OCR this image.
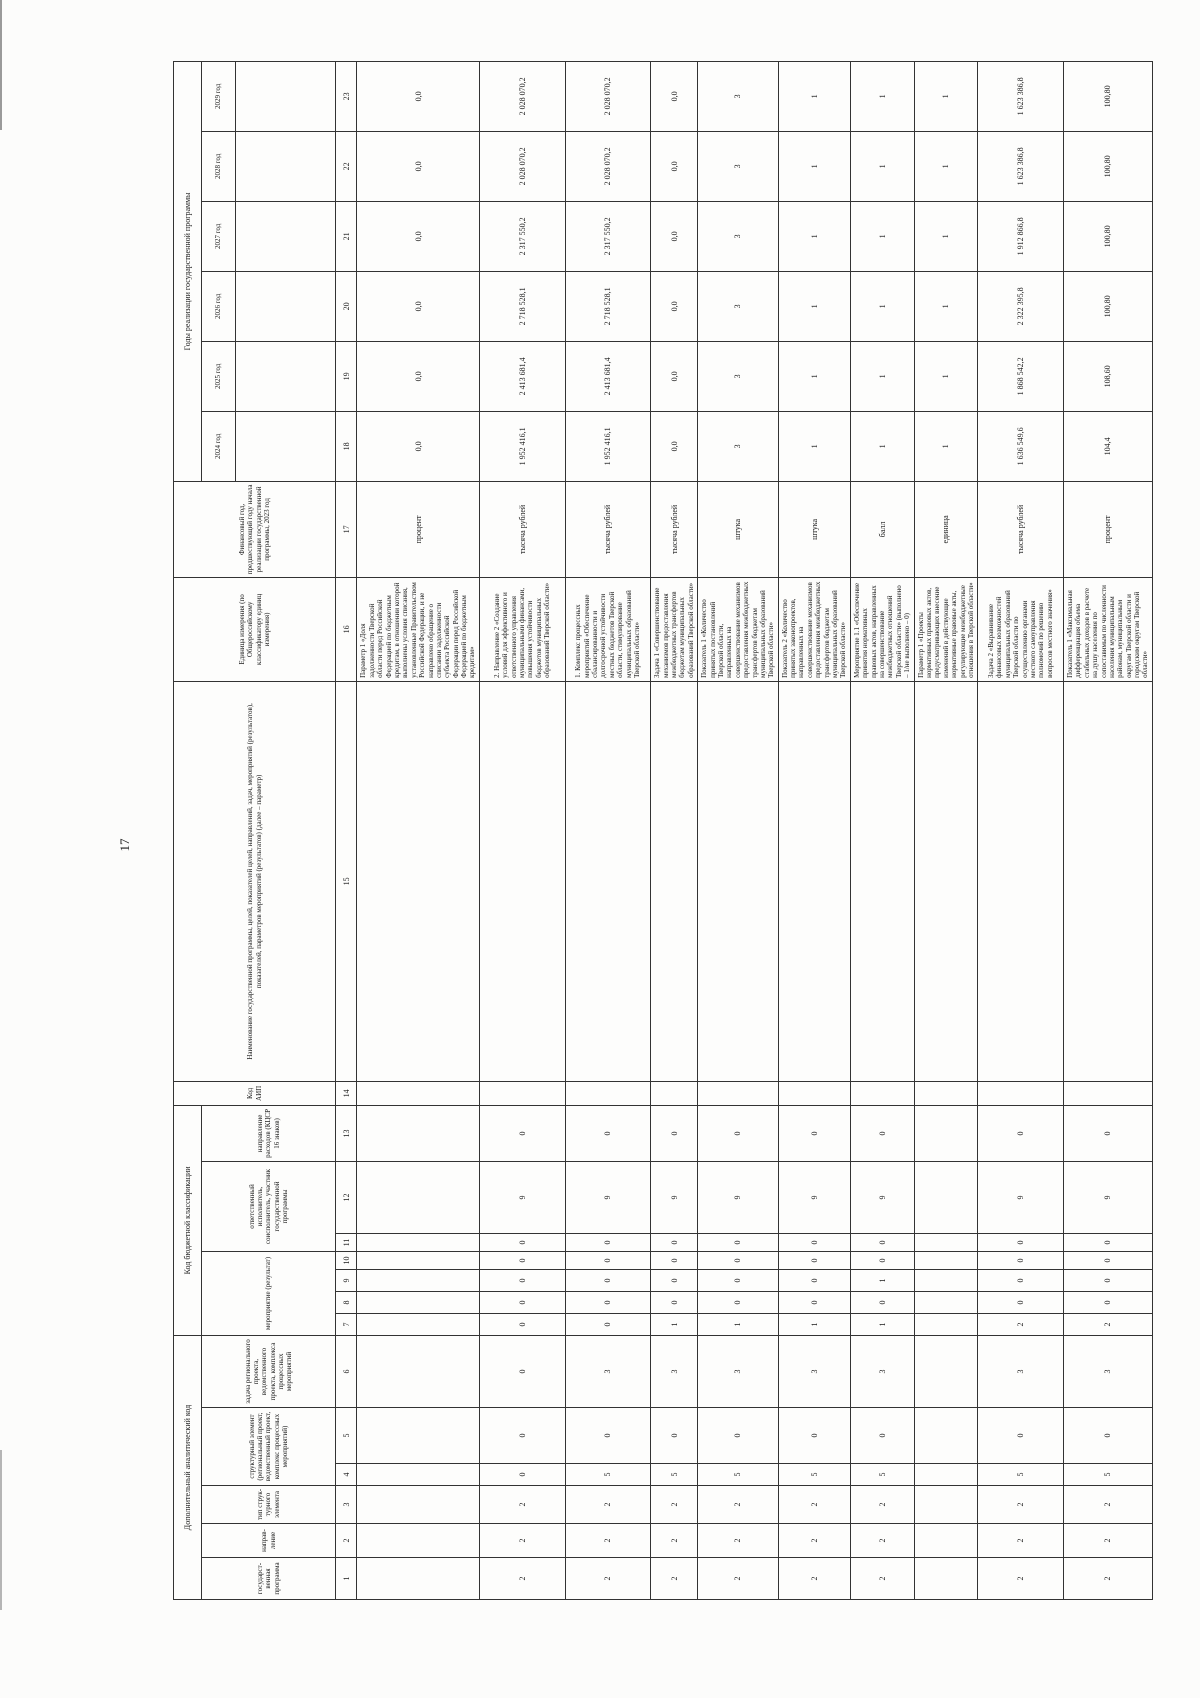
17
Дополнительный аналитический код						Код бюджетной классификации							Код АИП	Наименование государственной программы, целей, показателей целей, направлений, задач, мероприятий (результатов), показателей, параметров мероприятий (результатов) (далее – параметр)	Единица измерения (по Общероссийскому классификатору единиц измерения)	Финансовый год, предшествующий году начала реализации государственной программы, 2023 год	Годы реализации государственной программы						
государст-венная программа	направ-ление	тип струк-турного элемента	структурный элемент (региональный проект, ведомственный проект, комплекс процессных мероприятий)		задача регионального проекта, ведомственного проекта, комплекса процессных мероприятий	мероприятие (результат)				ответственный исполнитель, соисполнитель, участник государственной программы		направление расходов (КЦСР 16 знаков)					2024 год	2025 год	2026 год	2027 год	2028 год	2029 год	

1	2	3	4	5	6	7	8	9	10	11	12	13	14	15	16	17	18	19	20	21	22	23	
															Параметр 1 «Доля задолженности Тверской области перед Российской Федерацией по бюджетным кредитам, в отношении которой выполнены условия списания, установленные Правительством Российской Федерации, и не направлено обращение о списании задолженности субъекта Российской Федерации перед Российской Федерацией по бюджетным кредитам»	процент	0,0	0,0	0,0	0,0	0,0	0,0	
2	2	2	0	0	0	0	0	0	0	0	9	0			2. Направление 2 «Создание условий для эффективного и ответственного управления муниципальными финансами, повышения устойчивости бюджетов муниципальных образований Тверской области»	тысяча рублей	1 952 416,1	2 413 681,4	2 718 528,1	2 317 550,2	2 028 070,2	2 028 070,2	
2	2	2	5	0	3	0	0	0	0	0	9	0			1. Комплекс процессных мероприятий «Обеспечение сбалансированности и долгосрочной устойчивости местных бюджетов Тверской области, стимулирование муниципальных образований Тверской области»	тысяча рублей	1 952 416,1	2 413 681,4	2 718 528,1	2 317 550,2	2 028 070,2	2 028 070,2	
2	2	2	5	0	3	1	0	0	0	0	9	0			Задача 1 «Совершенствование механизмов предоставления межбюджетных трансфертов бюджетам муниципальных образований Тверской области»	тысяча рублей	0,0	0,0	0,0	0,0	0,0	0,0	
2	2	2	5	0	3	1	0	0	0	0	9	0			Показатель 1 «Количество принятых постановлений Тверской области, направленных на совершенствование механизмов предоставления межбюджетных трансфертов бюджетам муниципальных образований Тверской области»	штука	3	3	3	3	3	3	
2	2	2	5	0	3	1	0	0	0	0	9	0			Показатель 2 «Количество принятых законопроектов, направленных на совершенствование механизмов предоставления межбюджетных трансфертов бюджетам муниципальных образований Тверской области»	штука	1	1	1	1	1	1	
2	2	2	5	0	3	1	0	1	0	0	9	0			Мероприятие 1.1 «Обеспечение принятия нормативных правовых актов, направленных на совершенствование межбюджетных отношений Тверской области» (выполнено – 1/не выполнено – 0)	балл	1	1	1	1	1	1	
															Параметр 1 «Проекты нормативных правовых актов, предусматривающих внесение изменений в действующие нормативные правовые акты, регулирующие межбюджетные отношения в Тверской области»	единица	1	1	1	1	1	1	
2	2	2	5	0	3	2	0	0	0	0	9	0			Задача 2 «Выравнивание финансовых возможностей муниципальных образований Тверской области по осуществлению органами местного самоуправления полномочий по решению вопросов местного значения»	тысяча рублей	1 636 549,6	1 868 542,2	2 322 395,8	1 912 866,8	1 623 386,8	1 623 386,8	
2	2	2	5	0	3	2	0	0	0	0	9	0			Показатель 1 «Максимальная дифференциация объема стабильных доходов в расчете на душу населения по сопоставимым по численности населения муниципальным районам, муниципальным округам Тверской области и городским округам Тверской области»	процент	104,4	108,60	100,80	100,80	100,80	100,80	
